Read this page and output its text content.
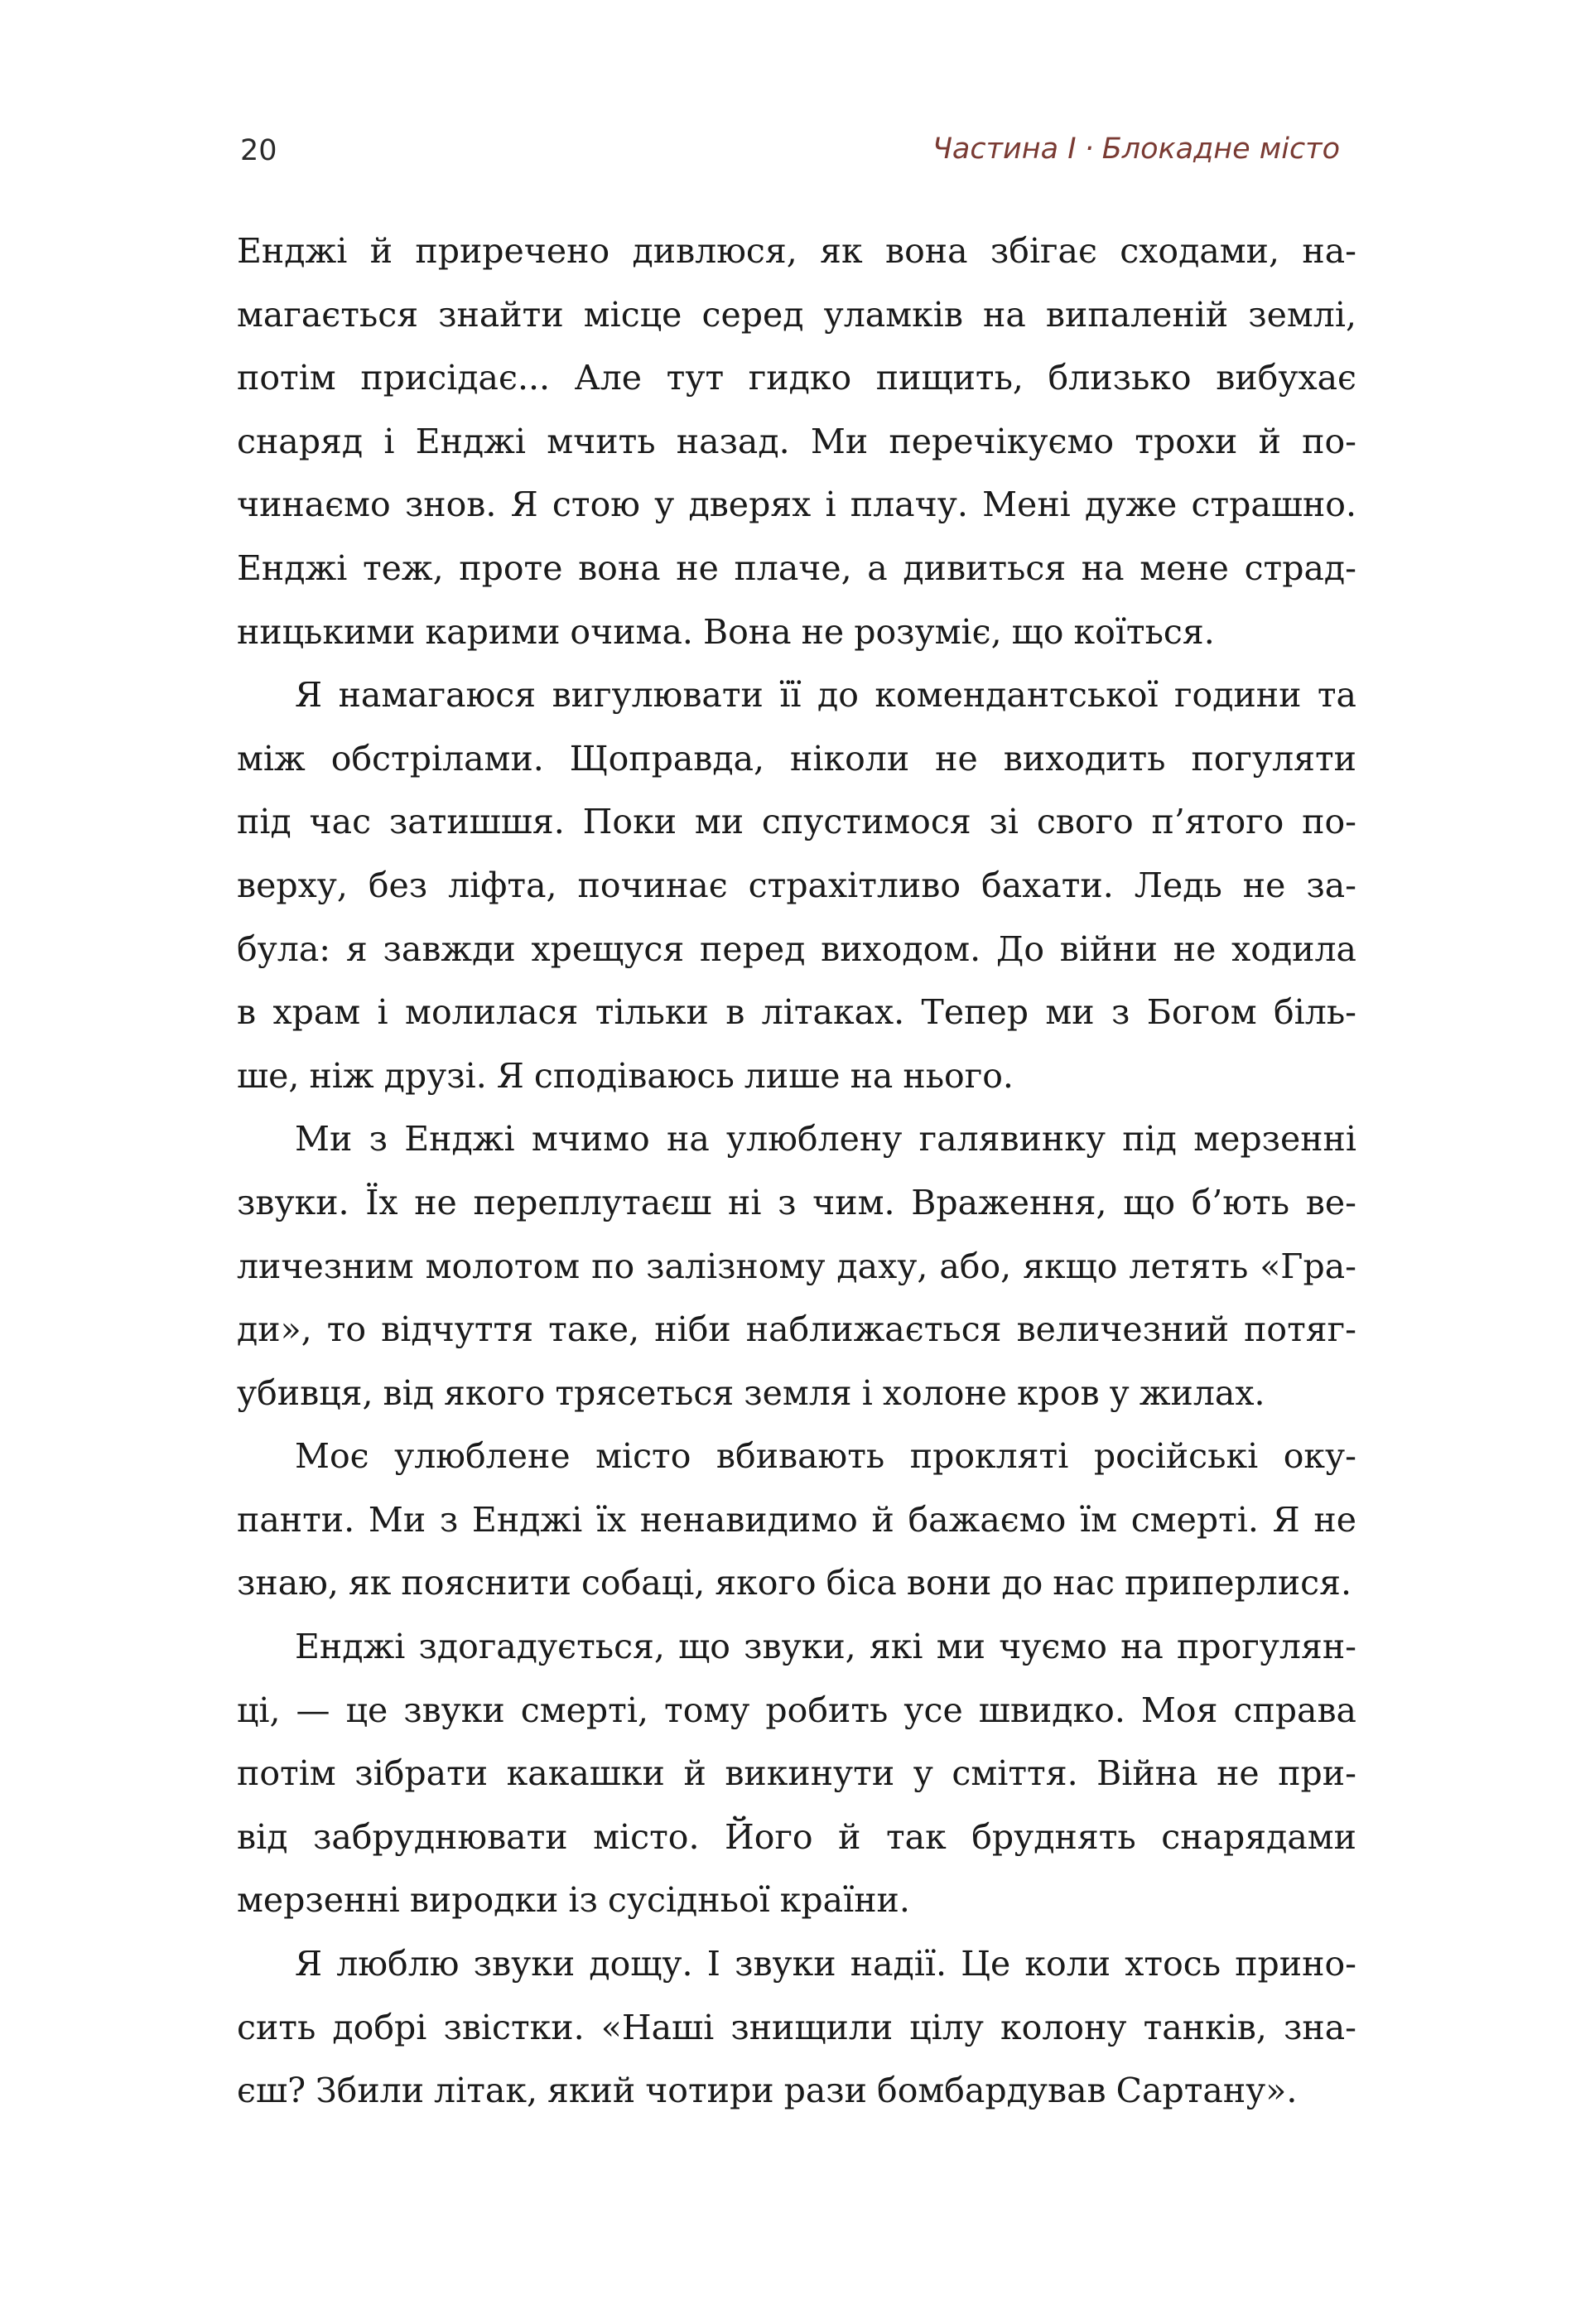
20	Частина І · Блокадне місто
Енджі й приречено дивлюся, як вона збігає сходами, на-
магається знайти місце серед уламків на випаленій землі,
потім присідає... Але тут гидко пищить, близько вибухає
снаряд і Енджі мчить назад. Ми перечікуємо трохи й по-
чинаємо знов. Я стою у дверях і плачу. Мені дуже страшно.
Енджі теж, проте вона не плаче, а дивиться на мене страд-
ницькими карими очима. Вона не розуміє, що коїться.
Я намагаюся вигулювати її до комендантської години та
між обстрілами. Щоправда, ніколи не виходить погуляти
під час затишшя. Поки ми спустимося зі свого п’ятого по-
верху, без ліфта, починає страхітливо бахати. Ледь не за-
була: я завжди хрещуся перед виходом. До війни не ходила
в храм і молилася тільки в літаках. Тепер ми з Богом біль-
ше, ніж друзі. Я сподіваюсь лише на нього.
Ми з Енджі мчимо на улюблену галявинку під мерзенні
звуки. Їх не переплутаєш ні з чим. Враження, що б’ють ве-
личезним молотом по залізному даху, або, якщо летять «Гра-
ди», то відчуття таке, ніби наближається величезний потяг-
убивця, від якого трясеться земля і холоне кров у жилах.
Моє улюблене місто вбивають прокляті російські оку-
панти. Ми з Енджі їх ненавидимо й бажаємо їм смерті. Я не
знаю, як пояснити собаці, якого біса вони до нас приперлися.
Енджі здогадується, що звуки, які ми чуємо на прогулян-
ці, — це звуки смерті, тому робить усе швидко. Моя справа
потім зібрати какашки й викинути у сміття. Війна не при-
від забруднювати місто. Його й так бруднять снарядами
мерзенні виродки із сусідньої країни.
Я люблю звуки дощу. І звуки надії. Це коли хтось прино-
сить добрі звістки. «Наші знищили цілу колону танків, зна-
єш? Збили літак, який чотири рази бомбардував Сартану».
